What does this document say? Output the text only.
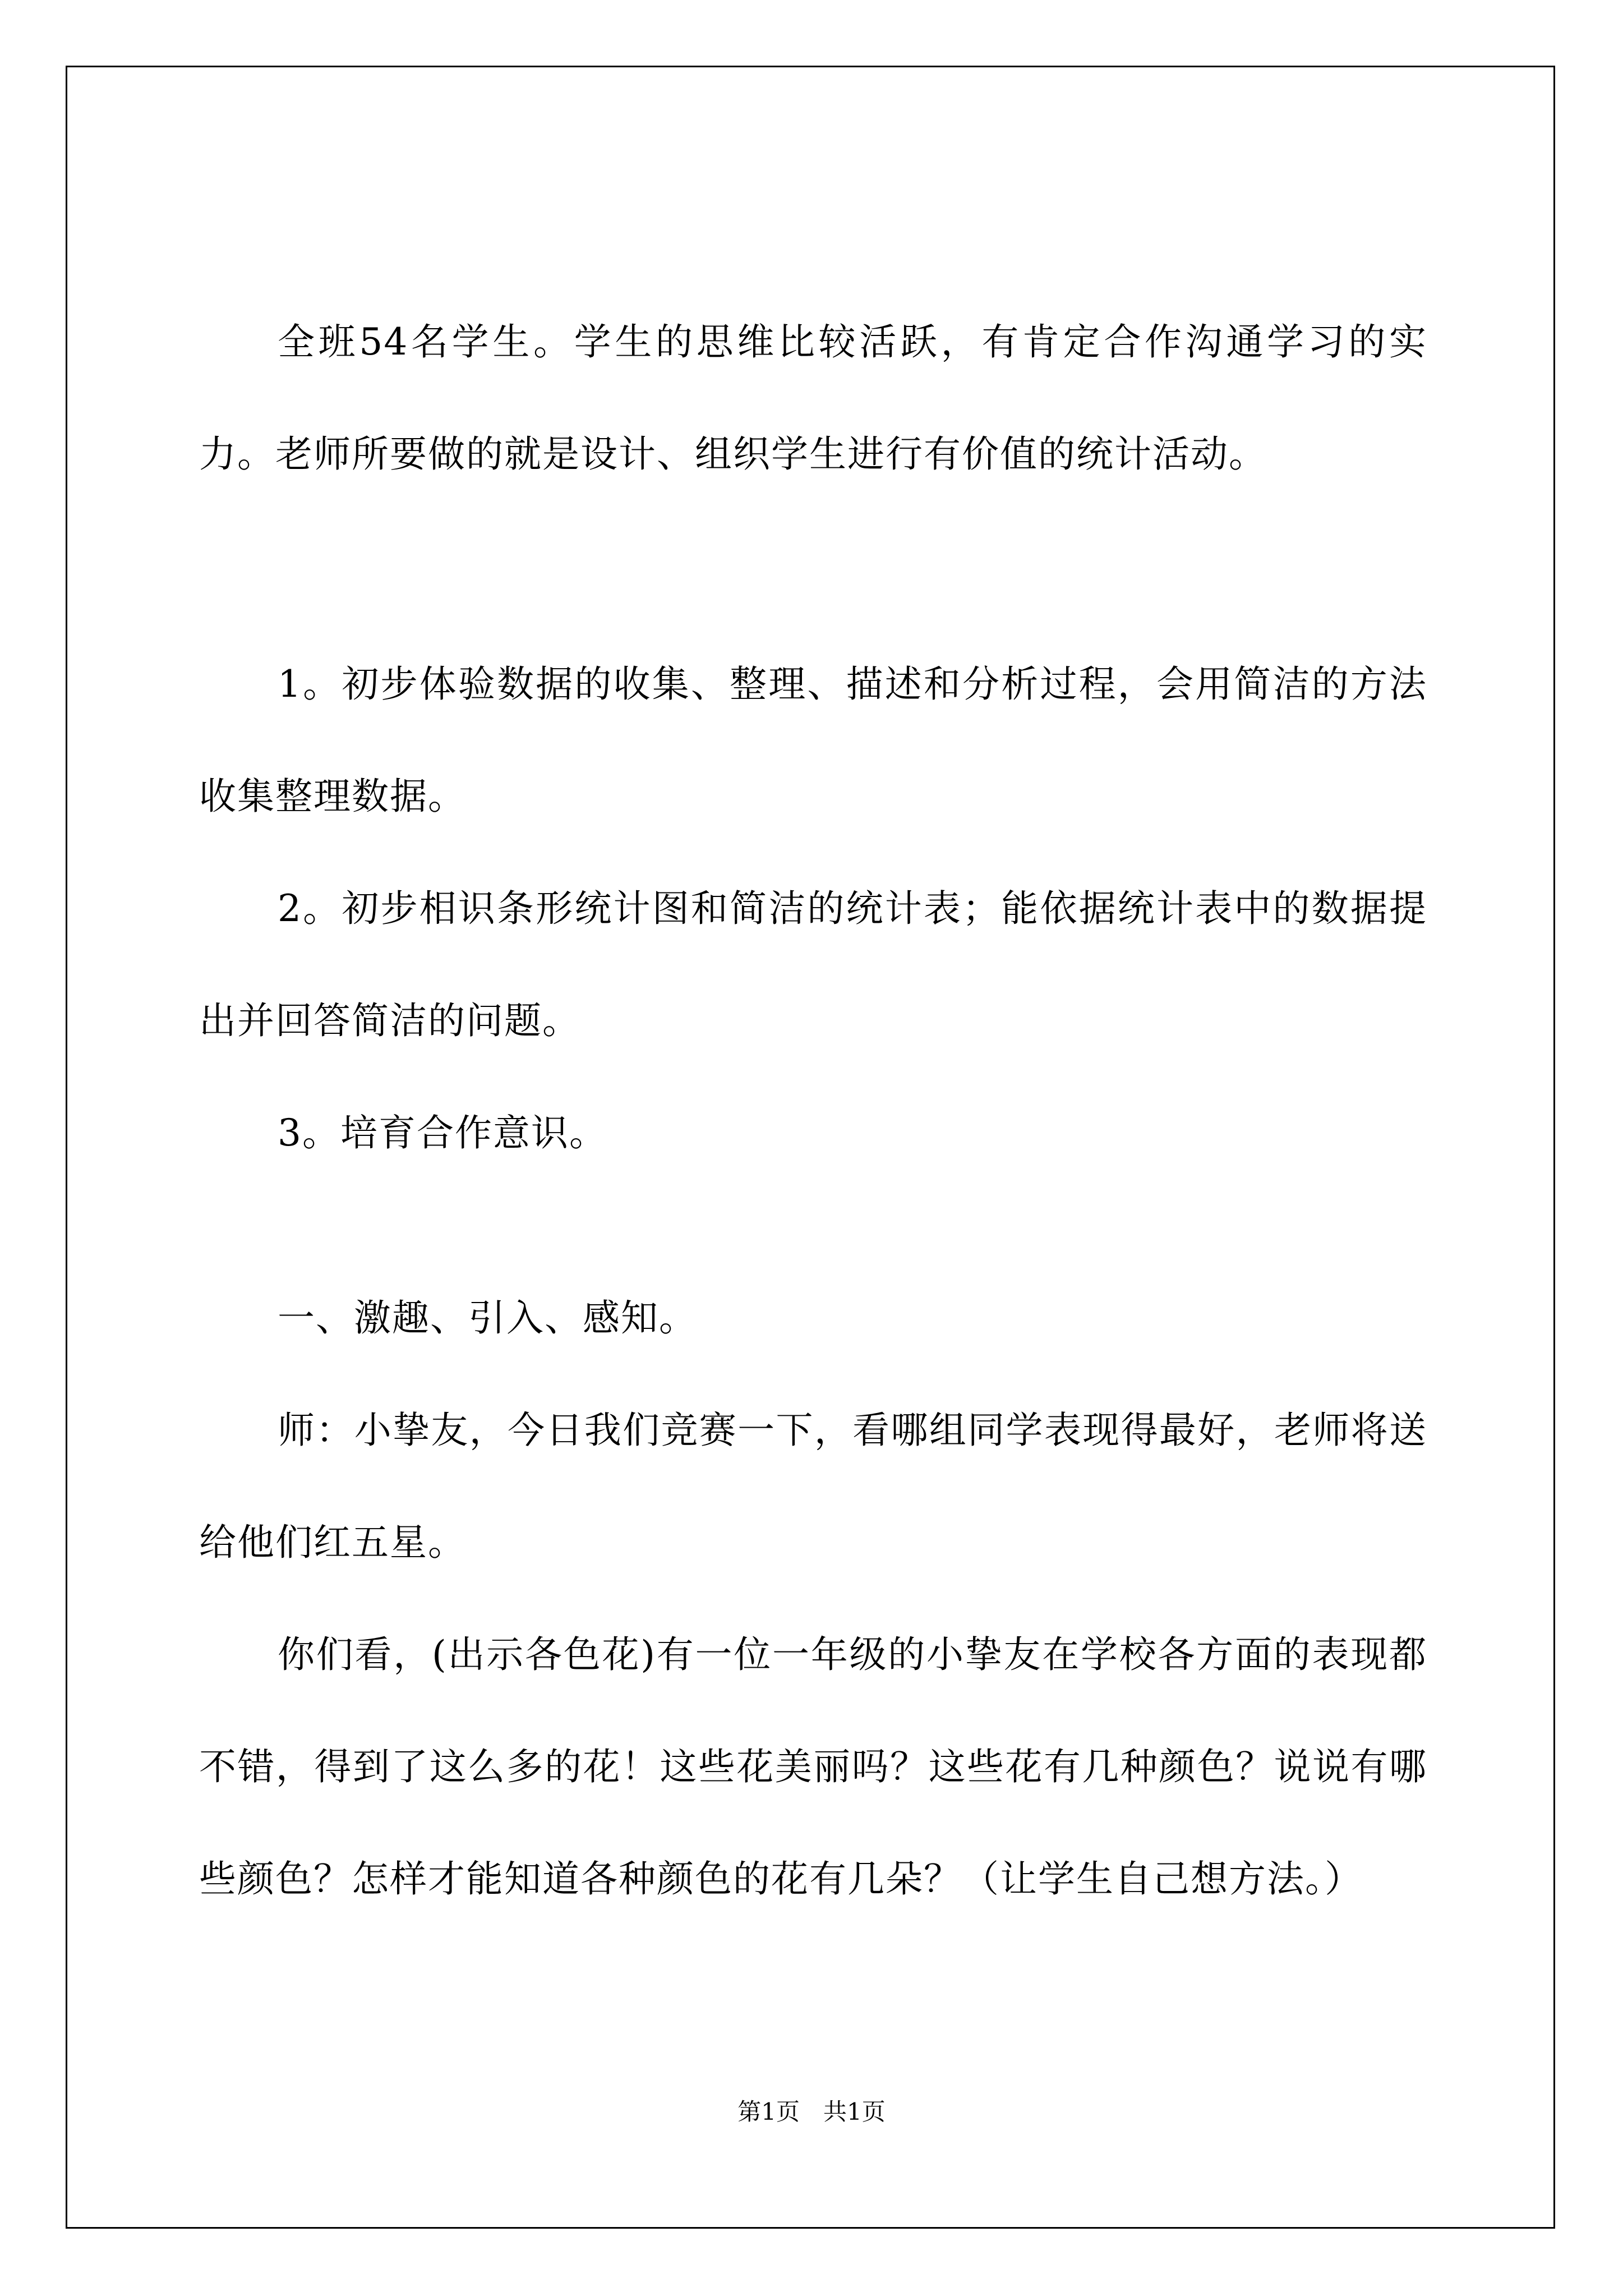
全班54名学生。学生的思维比较活跃，有肯定合作沟通学习的实力。老师所要做的就是设计、组织学生进行有价值的统计活动。

1。初步体验数据的收集、整理、描述和分析过程，会用简洁的方法收集整理数据。

2。初步相识条形统计图和简洁的统计表；能依据统计表中的数据提出并回答简洁的问题。

3。培育合作意识。

一、激趣、引入、感知。

师：小挚友，今日我们竞赛一下，看哪组同学表现得最好，老师将送给他们红五星。

你们看，(出示各色花)有一位一年级的小挚友在学校各方面的表现都不错，得到了这么多的花！这些花美丽吗？这些花有几种颜色？说说有哪些颜色？怎样才能知道各种颜色的花有几朵？（让学生自己想方法。）

第1页　共1页
